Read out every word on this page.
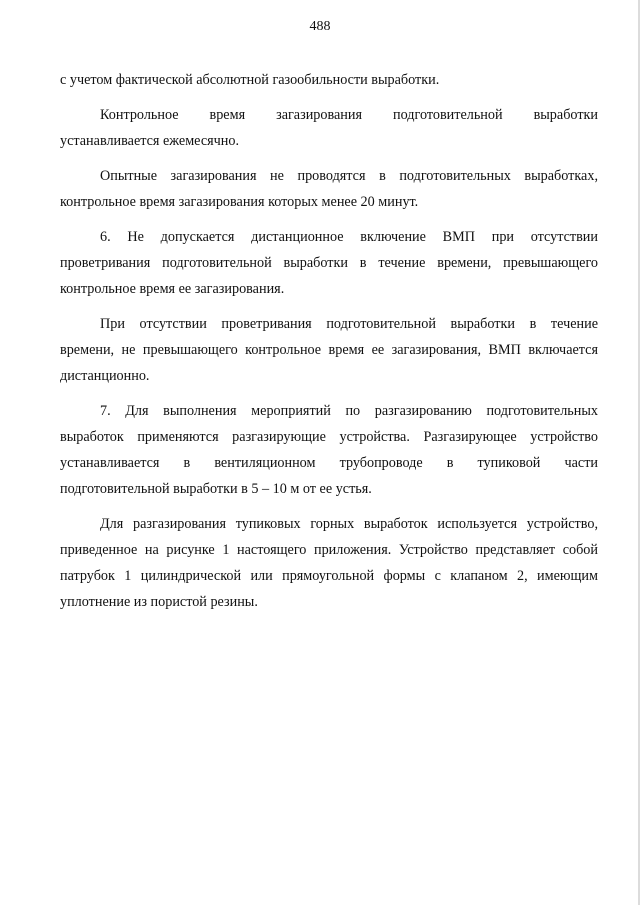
488

с учетом фактической абсолютной газообильности выработки.

Контрольное время загазирования подготовительной выработки
устанавливается ежемесячно.

Опытные загазирования не проводятся в подготовительных выработках,
контрольное время загазирования которых менее 20 минут.

6. Не допускается дистанционное включение ВМП при отсутствии
проветривания подготовительной выработки в течение времени, превышающего
контрольное время ее загазирования.

При отсутствии проветривания подготовительной выработки в течение
времени, не превышающего контрольное время ее загазирования, ВМП включается
дистанционно.

7. Для выполнения мероприятий по разгазированию подготовительных
выработок применяются разгазирующие устройства. Разгазирующее устройство
устанавливается в вентиляционном трубопроводе в тупиковой части
подготовительной выработки в 5 – 10 м от ее устья.

Для разгазирования тупиковых горных выработок используется устройство,
приведенное на рисунке 1 настоящего приложения. Устройство представляет собой
патрубок 1 цилиндрической или прямоугольной формы с клапаном 2, имеющим
уплотнение из пористой резины.
